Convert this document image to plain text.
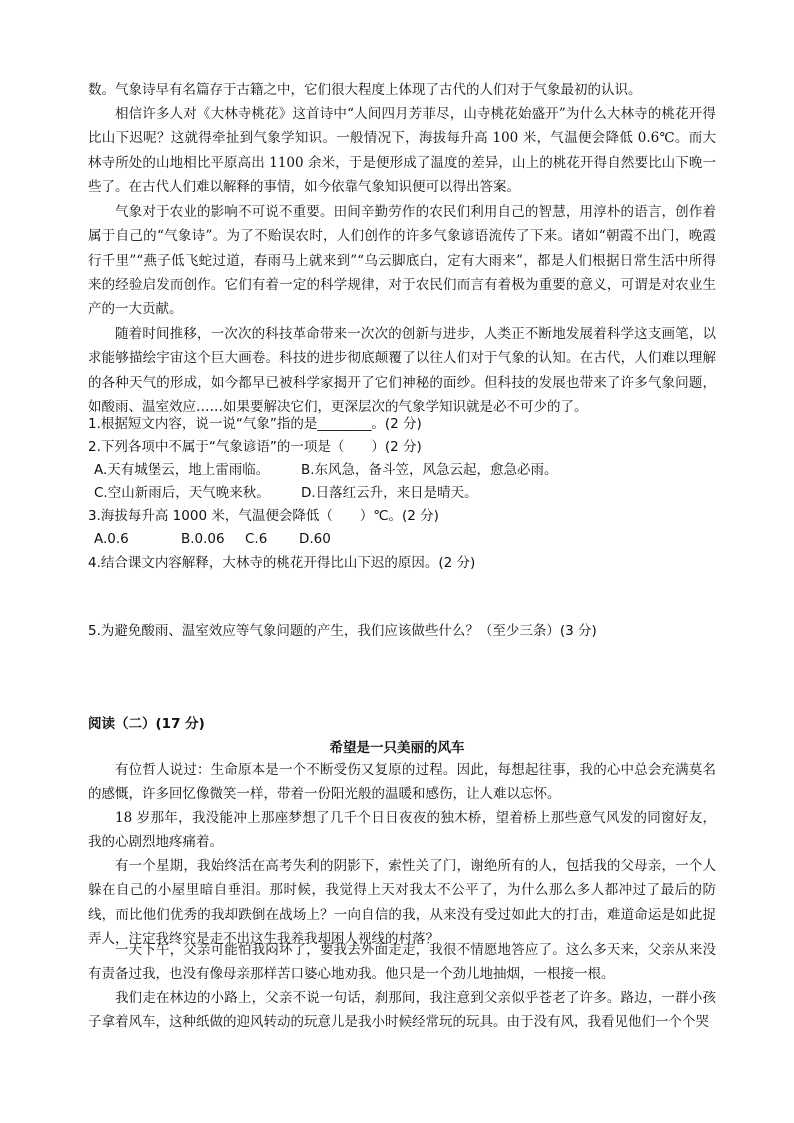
数。气象诗早有名篇存于古籍之中，它们很大程度上体现了古代的人们对于气象最初的认识。
相信许多人对《大林寺桃花》这首诗中“人间四月芳菲尽，山寺桃花始盛开”为什么大林寺的桃花开得比山下迟呢？这就得牵扯到气象学知识。一般情况下，海拔每升高 100 米，气温便会降低 0.6℃。而大林寺所处的山地相比平原高出 1100 余米，于是便形成了温度的差异，山上的桃花开得自然要比山下晚一些了。在古代人们难以解释的事情，如今依靠气象知识便可以得出答案。
气象对于农业的影响不可说不重要。田间辛勤劳作的农民们利用自己的智慧，用淳朴的语言，创作着属于自己的“气象诗”。为了不贻误农时，人们创作的许多气象谚语流传了下来。诸如“朝霞不出门，晚霞行千里”“燕子低飞蛇过道，春雨马上就来到”“乌云脚底白，定有大雨来”，都是人们根据日常生活中所得来的经验启发而创作。它们有着一定的科学规律，对于农民们而言有着极为重要的意义，可谓是对农业生产的一大贡献。
随着时间推移，一次次的科技革命带来一次次的创新与进步，人类正不断地发展着科学这支画笔，以求能够描绘宇宙这个巨大画卷。科技的进步彻底颠覆了以往人们对于气象的认知。在古代，人们难以理解的各种天气的形成，如今都早已被科学家揭开了它们神秘的面纱。但科技的发展也带来了许多气象问题，如酸雨、温室效应……如果要解决它们，更深层次的气象学知识就是必不可少的了。
1.根据短文内容，说一说“气象”指的是________。(2 分)
2.下列各项中不属于“气象谚语”的一项是（　　）(2 分)
A.天有城堡云，地上雷雨临。 B.东风急，备斗笠，风急云起，愈急必雨。
C.空山新雨后，天气晚来秋。 D.日落红云升，来日是晴天。
3.海拔每升高 1000 米，气温便会降低（　　）℃。(2 分)
A.0.6	B.0.06 C.6 D.60
4.结合课文内容解释，大林寺的桃花开得比山下迟的原因。(2 分)
5.为避免酸雨、温室效应等气象问题的产生，我们应该做些什么？（至少三条）(3 分)
阅读（二）(17 分)
希望是一只美丽的风车
有位哲人说过：生命原本是一个不断受伤又复原的过程。因此，每想起往事，我的心中总会充满莫名的感慨，许多回忆像微笑一样，带着一份阳光般的温暖和感伤，让人难以忘怀。
18 岁那年，我没能冲上那座梦想了几千个日日夜夜的独木桥，望着桥上那些意气风发的同窗好友，我的心剧烈地疼痛着。
有一个星期，我始终活在高考失利的阴影下，索性关了门，谢绝所有的人，包括我的父母亲，一个人躲在自己的小屋里暗自垂泪。那时候，我觉得上天对我太不公平了，为什么那么多人都冲过了最后的防线，而比他们优秀的我却跌倒在战场上？一向自信的我，从来没有受过如此大的打击，难道命运是如此捉弄人，注定我终究是走不出这生我养我却困人视线的村落？
一天下午，父亲可能怕我闷坏了，要我去外面走走，我很不情愿地答应了。这么多天来，父亲从来没有责备过我，也没有像母亲那样苦口婆心地劝我。他只是一个劲儿地抽烟，一根接一根。
我们走在林边的小路上，父亲不说一句话，刹那间，我注意到父亲似乎苍老了许多。路边，一群小孩子拿着风车，这种纸做的迎风转动的玩意儿是我小时候经常玩的玩具。由于没有风，我看见他们一个个哭
